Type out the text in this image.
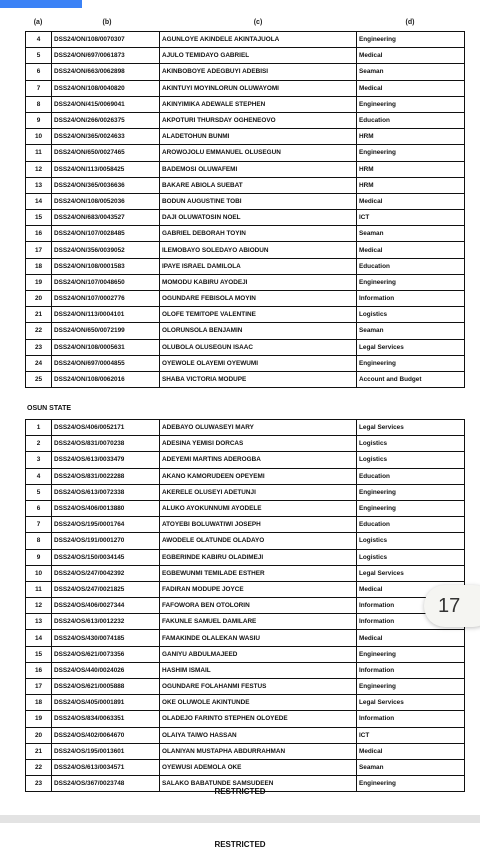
(a)	(b)	(c)	(d)
4	DSS24/ON/108/0070307	AGUNLOYE AKINDELE AKINTAJUOLA	Engineering
5	DSS24/ON/697/0061873	AJULO TEMIDAYO GABRIEL	Medical
6	DSS24/ON/663/0062898	AKINBOBOYE ADEGBUYI ADEBISI	Seaman
7	DSS24/ON/108/0040820	AKINTUYI MOYINLORUN OLUWAYOMI	Medical
8	DSS24/ON/415/0069041	AKINYIMIKA ADEWALE STEPHEN	Engineering
9	DSS24/ON/266/0026375	AKPOTURI THURSDAY OGHENEOVO	Education
10	DSS24/ON/365/0024633	ALADETOHUN BUNMI	HRM
11	DSS24/ON/650/0027465	AROWOJOLU EMMANUEL OLUSEGUN	Engineering
12	DSS24/ON/113/0058425	BADEMOSI OLUWAFEMI	HRM
13	DSS24/ON/365/0036636	BAKARE ABIOLA SUEBAT	HRM
14	DSS24/ON/108/0052036	BODUN AUGUSTINE TOBI	Medical
15	DSS24/ON/683/0043527	DAJI OLUWATOSIN NOEL	ICT
16	DSS24/ON/107/0028485	GABRIEL DEBORAH TOYIN	Seaman
17	DSS24/ON/356/0039052	ILEMOBAYO SOLEDAYO ABIODUN	Medical
18	DSS24/ON/108/0001583	IPAYE ISRAEL DAMILOLA	Education
19	DSS24/ON/107/0048650	MOMODU KABIRU AYODEJI	Engineering
20	DSS24/ON/107/0002776	OGUNDARE FEBISOLA MOYIN	Information
21	DSS24/ON/113/0004101	OLOFE TEMITOPE VALENTINE	Logistics
22	DSS24/ON/650/0072199	OLORUNSOLA BENJAMIN	Seaman
23	DSS24/ON/108/0005631	OLUBOLA OLUSEGUN ISAAC	Legal Services
24	DSS24/ON/697/0004855	OYEWOLE OLAYEMI OYEWUMI	Engineering
25	DSS24/ON/108/0062016	SHABA VICTORIA MODUPE	Account and Budget
OSUN STATE
1	DSS24/OS/406/0052171	ADEBAYO OLUWASEYI MARY	Legal Services
2	DSS24/OS/831/0070238	ADESINA YEMISI DORCAS	Logistics
3	DSS24/OS/613/0033479	ADEYEMI MARTINS ADEROGBA	Logistics
4	DSS24/OS/831/0022288	AKANO KAMORUDEEN OPEYEMI	Education
5	DSS24/OS/613/0072338	AKERELE OLUSEYI ADETUNJI	Engineering
6	DSS24/OS/406/0013880	ALUKO AYOKUNNUMI AYODELE	Engineering
7	DSS24/OS/195/0001764	ATOYEBI BOLUWATIWI JOSEPH	Education
8	DSS24/OS/191/0001270	AWODELE OLATUNDE OLADAYO	Logistics
9	DSS24/OS/150/0034145	EGBERINDE KABIRU OLADIMEJI	Logistics
10	DSS24/OS/247/0042392	EGBEWUNMI TEMILADE ESTHER	Legal Services
11	DSS24/OS/247/0021825	FADIRAN MODUPE JOYCE	Medical
12	DSS24/OS/406/0027344	FAFOWORA BEN OTOLORIN	Information
13	DSS24/OS/613/0012232	FAKUNLE SAMUEL DAMILARE	Information
14	DSS24/OS/430/0074185	FAMAKINDE OLALEKAN WASIU	Medical
15	DSS24/OS/621/0073356	GANIYU ABDULMAJEED	Engineering
16	DSS24/OS/440/0024026	HASHIM ISMAIL	Information
17	DSS24/OS/621/0005888	OGUNDARE FOLAHANMI FESTUS	Engineering
18	DSS24/OS/405/0001891	OKE OLUWOLE AKINTUNDE	Legal Services
19	DSS24/OS/834/0063351	OLADEJO FARINTO STEPHEN OLOYEDE	Information
20	DSS24/OS/402/0064670	OLAIYA TAIWO HASSAN	ICT
21	DSS24/OS/195/0013601	OLANIYAN MUSTAPHA ABDURRAHMAN	Medical
22	DSS24/OS/613/0034571	OYEWUSI ADEMOLA OKE	Seaman
23	DSS24/OS/367/0023748	SALAKO BABATUNDE SAMSUDEEN	Engineering
17
RESTRICTED
RESTRICTED
